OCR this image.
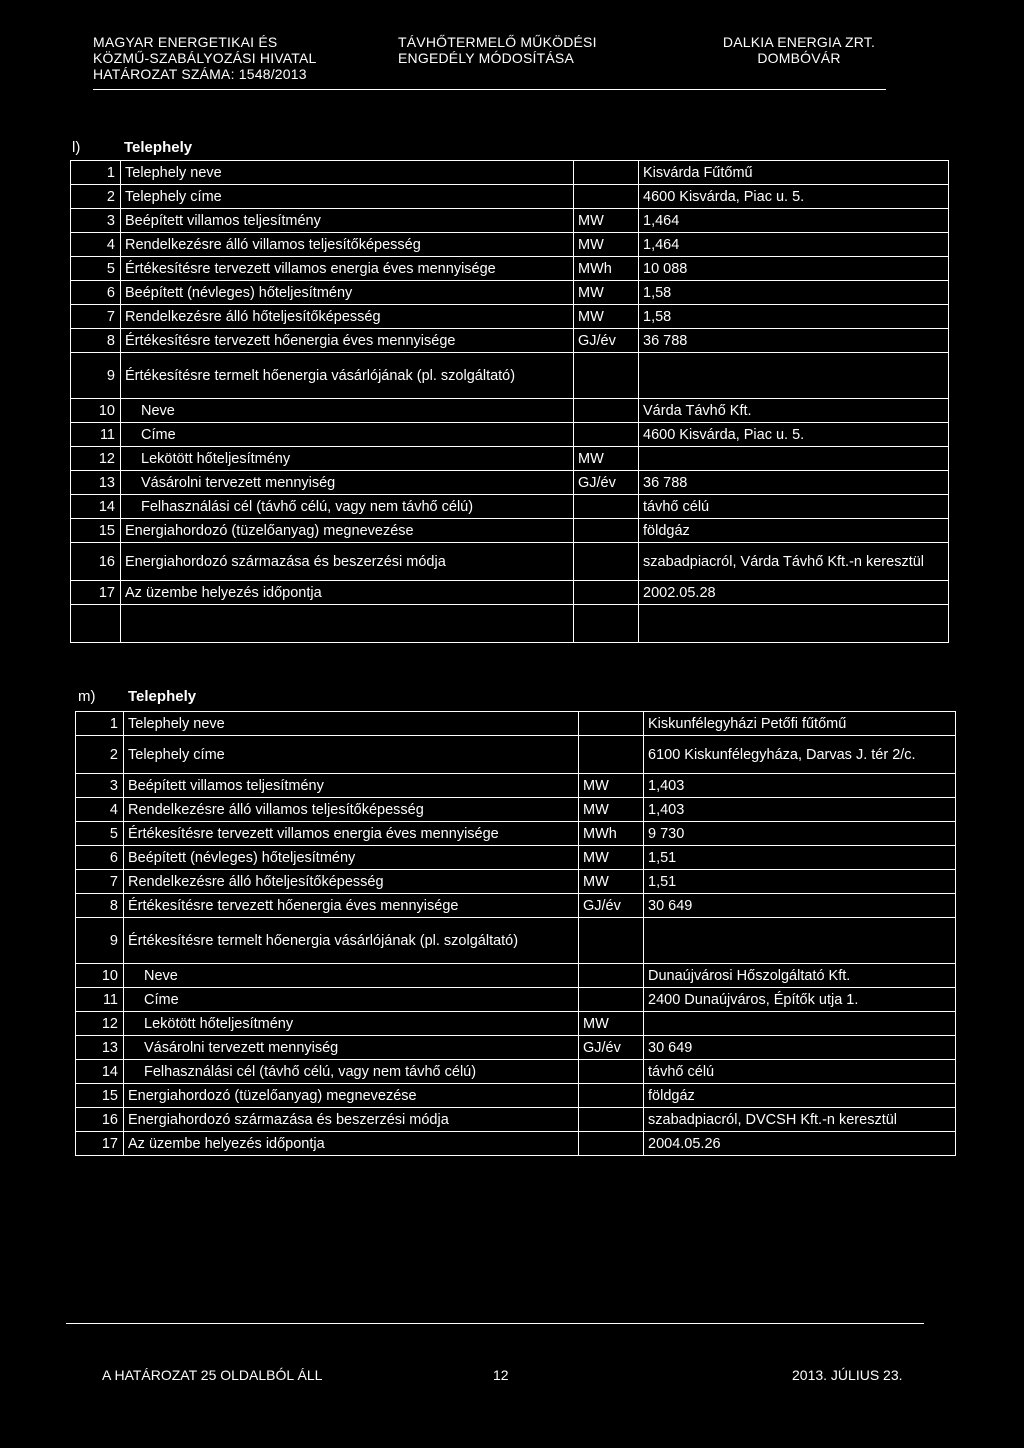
MAGYAR ENERGETIKAI ÉS
KÖZMŰ-SZABÁLYOZÁSI HIVATAL
HATÁROZAT SZÁMA: 1548/2013
TÁVHŐTERMELŐ MŰKÖDÉSI
ENGEDÉLY MÓDOSÍTÁSA
DALKIA ENERGIA ZRT.
DOMBÓVÁR
l)	Telephely
1	Telephely neve		Kisvárda Fűtőmű
2	Telephely címe		4600 Kisvárda, Piac u. 5.
3	Beépített villamos teljesítmény	MW	1,464
4	Rendelkezésre álló villamos teljesítőképesség	MW	1,464
5	Értékesítésre tervezett villamos energia éves mennyisége	MWh	10 088
6	Beépített (névleges) hőteljesítmény	MW	1,58
7	Rendelkezésre álló hőteljesítőképesség	MW	1,58
8	Értékesítésre tervezett hőenergia éves mennyisége	GJ/év	36 788
9	Értékesítésre termelt hőenergia vásárlójának (pl. szolgáltató)		
10	Neve		Várda Távhő Kft.
11	Címe		4600 Kisvárda, Piac u. 5.
12	Lekötött hőteljesítmény	MW	
13	Vásárolni tervezett mennyiség	GJ/év	36 788
14	Felhasználási cél (távhő célú, vagy nem távhő célú)		távhő célú
15	Energiahordozó (tüzelőanyag) megnevezése		földgáz
16	Energiahordozó származása és beszerzési módja		szabadpiacról, Várda Távhő Kft.-n keresztül
17	Az üzembe helyezés időpontja		2002.05.28

m) Telephely
1	Telephely neve		Kiskunfélegyházi Petőfi fűtőmű
2	Telephely címe		6100 Kiskunfélegyháza, Darvas J. tér 2/c.
3	Beépített villamos teljesítmény	MW	1,403
4	Rendelkezésre álló villamos teljesítőképesség	MW	1,403
5	Értékesítésre tervezett villamos energia éves mennyisége	MWh	9 730
6	Beépített (névleges) hőteljesítmény	MW	1,51
7	Rendelkezésre álló hőteljesítőképesség	MW	1,51
8	Értékesítésre tervezett hőenergia éves mennyisége	GJ/év	30 649
9	Értékesítésre termelt hőenergia vásárlójának (pl. szolgáltató)		
10	Neve		Dunaújvárosi Hőszolgáltató Kft.
11	Címe		2400 Dunaújváros, Építők utja 1.
12	Lekötött hőteljesítmény	MW	
13	Vásárolni tervezett mennyiség	GJ/év	30 649
14	Felhasználási cél (távhő célú, vagy nem távhő célú)		távhő célú
15	Energiahordozó (tüzelőanyag) megnevezése		földgáz
16	Energiahordozó származása és beszerzési módja		szabadpiacról, DVCSH Kft.-n keresztül
17	Az üzembe helyezés időpontja		2004.05.26
A HATÁROZAT 25 OLDALBÓL ÁLL	12	2013. JÚLIUS 23.
